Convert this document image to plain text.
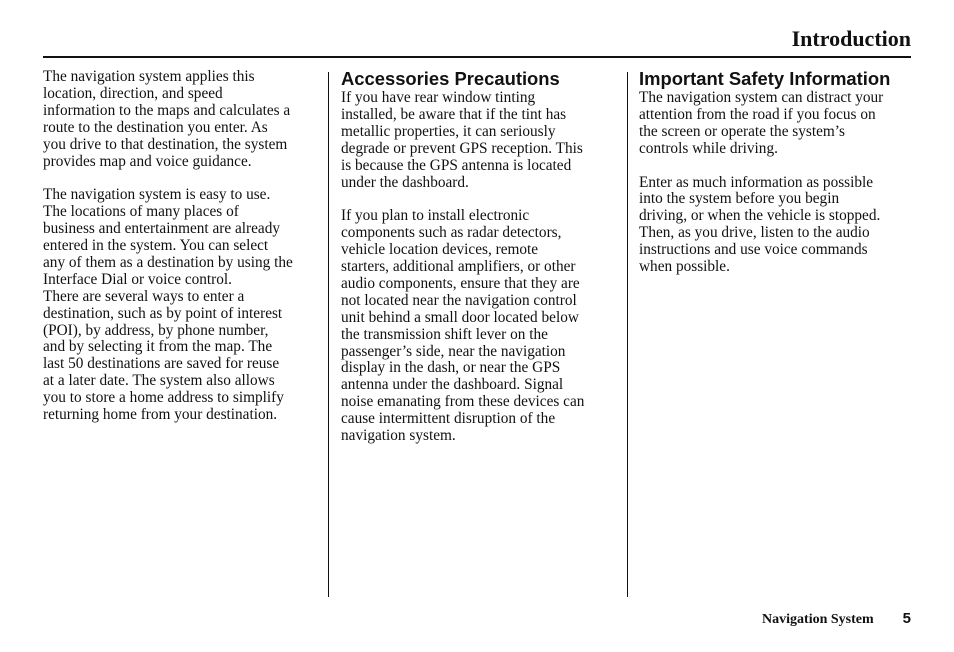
Introduction

The navigation system applies this
location, direction, and speed
information to the maps and calculates a
route to the destination you enter. As
you drive to that destination, the system
provides map and voice guidance.

The navigation system is easy to use.
The locations of many places of
business and entertainment are already
entered in the system. You can select
any of them as a destination by using the
Interface Dial or voice control.

There are several ways to enter a
destination, such as by point of interest
(POI), by address, by phone number,
and by selecting it from the map. The
last 50 destinations are saved for reuse
at a later date. The system also allows
you to store a home address to simplify
returning home from your destination.

Accessories Precautions

If you have rear window tinting
installed, be aware that if the tint has
metallic properties, it can seriously
degrade or prevent GPS reception. This
is because the GPS antenna is located
under the dashboard.

If you plan to install electronic
components such as radar detectors,
vehicle location devices, remote
starters, additional amplifiers, or other
audio components, ensure that they are
not located near the navigation control
unit behind a small door located below
the transmission shift lever on the
passenger’s side, near the navigation
display in the dash, or near the GPS
antenna under the dashboard. Signal
noise emanating from these devices can
cause intermittent disruption of the
navigation system.

Important Safety Information

The navigation system can distract your
attention from the road if you focus on
the screen or operate the system’s
controls while driving.

Enter as much information as possible
into the system before you begin
driving, or when the vehicle is stopped.
Then, as you drive, listen to the audio
instructions and use voice commands
when possible.

Navigation System 5
